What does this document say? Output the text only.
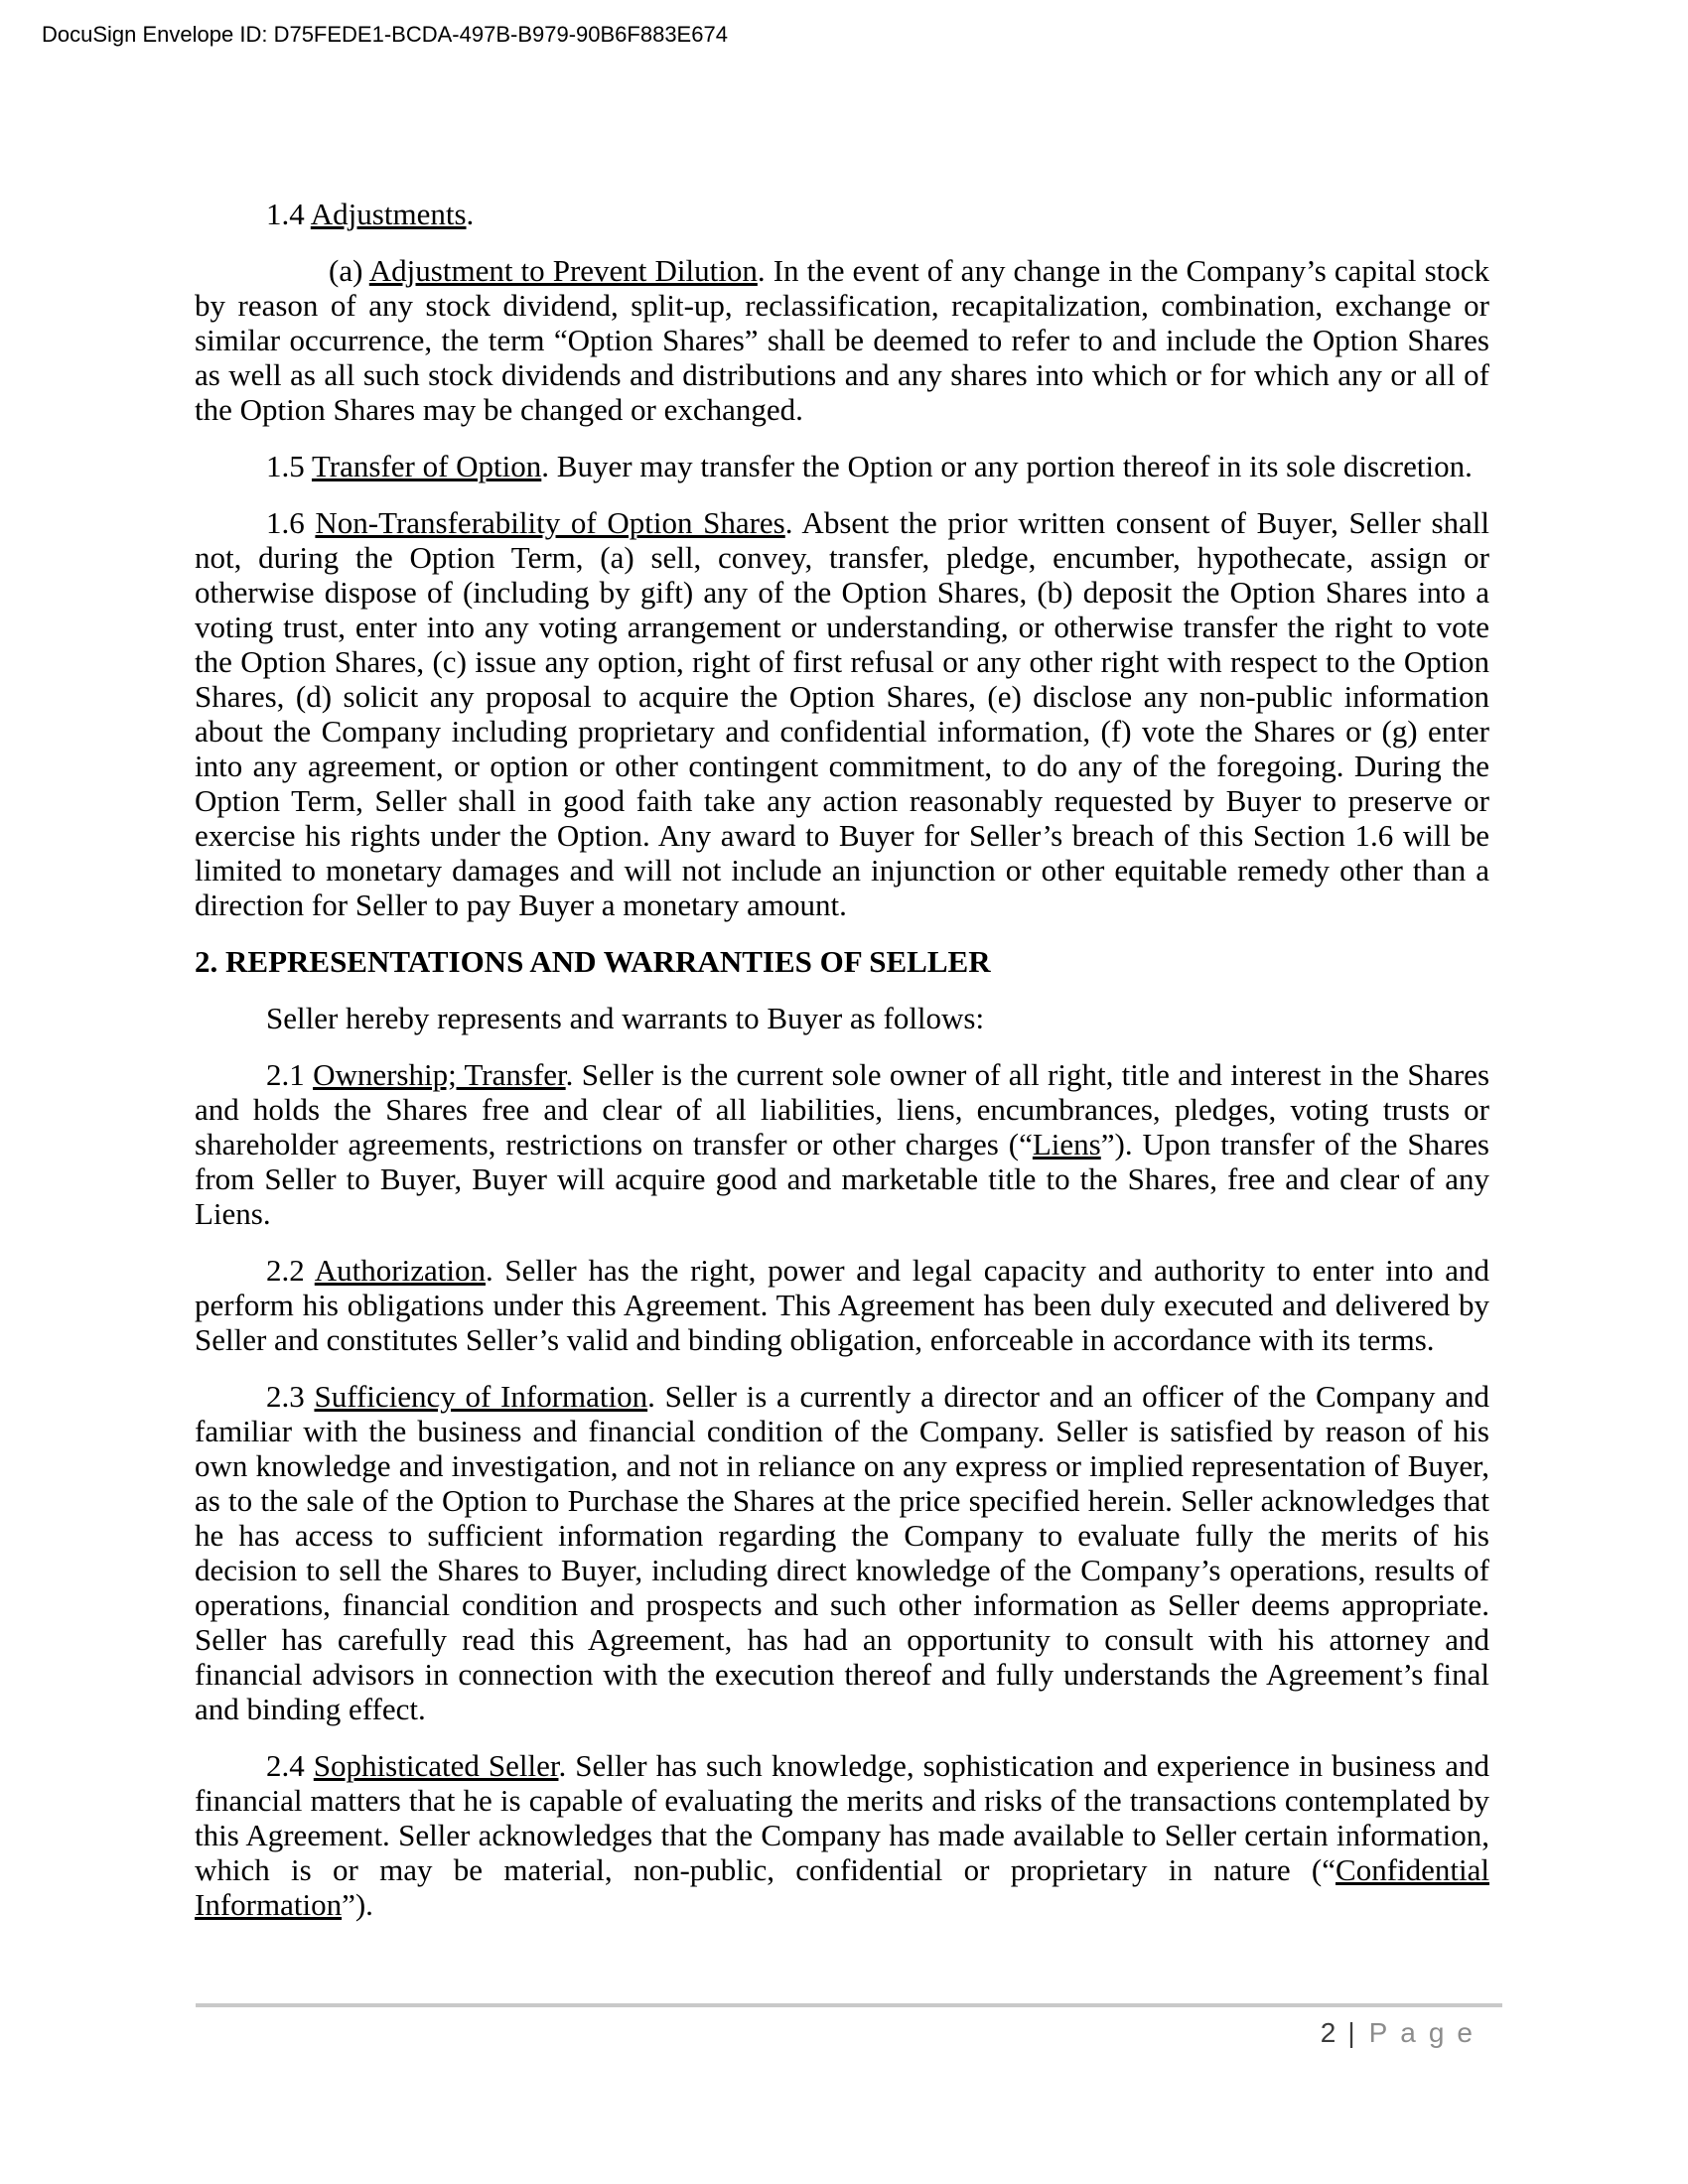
DocuSign Envelope ID: D75FEDE1-BCDA-497B-B979-90B6F883E674

1.4 Adjustments.

(a) Adjustment to Prevent Dilution. In the event of any change in the Company’s capital stock by reason of any stock dividend, split-up, reclassification, recapitalization, combination, exchange or similar occurrence, the term “Option Shares” shall be deemed to refer to and include the Option Shares as well as all such stock dividends and distributions and any shares into which or for which any or all of the Option Shares may be changed or exchanged.

1.5 Transfer of Option. Buyer may transfer the Option or any portion thereof in its sole discretion.

1.6 Non-Transferability of Option Shares. Absent the prior written consent of Buyer, Seller shall not, during the Option Term, (a) sell, convey, transfer, pledge, encumber, hypothecate, assign or otherwise dispose of (including by gift) any of the Option Shares, (b) deposit the Option Shares into a voting trust, enter into any voting arrangement or understanding, or otherwise transfer the right to vote the Option Shares, (c) issue any option, right of first refusal or any other right with respect to the Option Shares, (d) solicit any proposal to acquire the Option Shares, (e) disclose any non-public information about the Company including proprietary and confidential information, (f) vote the Shares or (g) enter into any agreement, or option or other contingent commitment, to do any of the foregoing. During the Option Term, Seller shall in good faith take any action reasonably requested by Buyer to preserve or exercise his rights under the Option. Any award to Buyer for Seller’s breach of this Section 1.6 will be limited to monetary damages and will not include an injunction or other equitable remedy other than a direction for Seller to pay Buyer a monetary amount.

2. REPRESENTATIONS AND WARRANTIES OF SELLER

Seller hereby represents and warrants to Buyer as follows:

2.1 Ownership; Transfer. Seller is the current sole owner of all right, title and interest in the Shares and holds the Shares free and clear of all liabilities, liens, encumbrances, pledges, voting trusts or shareholder agreements, restrictions on transfer or other charges (“Liens”). Upon transfer of the Shares from Seller to Buyer, Buyer will acquire good and marketable title to the Shares, free and clear of any Liens.

2.2 Authorization. Seller has the right, power and legal capacity and authority to enter into and perform his obligations under this Agreement. This Agreement has been duly executed and delivered by Seller and constitutes Seller’s valid and binding obligation, enforceable in accordance with its terms.

2.3 Sufficiency of Information. Seller is a currently a director and an officer of the Company and familiar with the business and financial condition of the Company. Seller is satisfied by reason of his own knowledge and investigation, and not in reliance on any express or implied representation of Buyer, as to the sale of the Option to Purchase the Shares at the price specified herein. Seller acknowledges that he has access to sufficient information regarding the Company to evaluate fully the merits of his decision to sell the Shares to Buyer, including direct knowledge of the Company’s operations, results of operations, financial condition and prospects and such other information as Seller deems appropriate. Seller has carefully read this Agreement, has had an opportunity to consult with his attorney and financial advisors in connection with the execution thereof and fully understands the Agreement’s final and binding effect.

2.4 Sophisticated Seller. Seller has such knowledge, sophistication and experience in business and financial matters that he is capable of evaluating the merits and risks of the transactions contemplated by this Agreement. Seller acknowledges that the Company has made available to Seller certain information, which is or may be material, non-public, confidential or proprietary in nature (“Confidential Information”).

2 | Page
